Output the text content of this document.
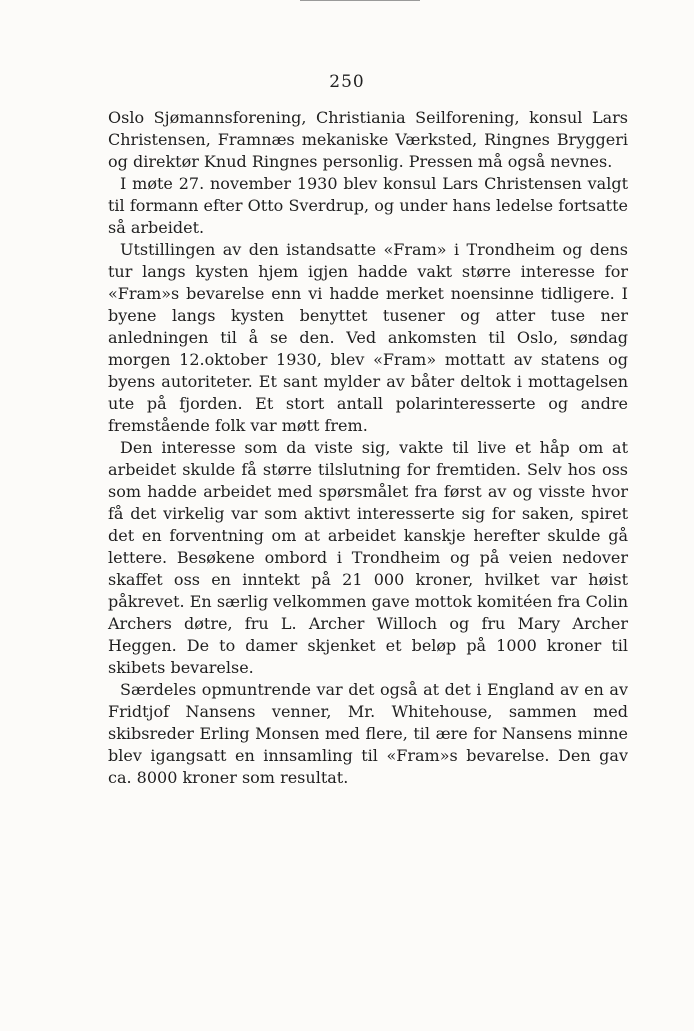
250

Oslo Sjømannsforening, Christiania Seilforening, konsul Lars Christensen, Framnæs mekaniske Værksted, Ringnes Bryggeri og direktør Knud Ringnes personlig. Pressen må også nevnes.

I møte 27. november 1930 blev konsul Lars Christensen valgt til formann efter Otto Sverdrup, og under hans ledelse fortsatte så arbeidet.

Utstillingen av den istandsatte «Fram» i Trondheim og dens tur langs kysten hjem igjen hadde vakt større interesse for «Fram»s bevarelse enn vi hadde merket noensinne tidligere. I byene langs kysten benyttet tusener og atter tuse ner anledningen til å se den. Ved ankomsten til Oslo, søndag morgen 12.oktober 1930, blev «Fram» mottatt av statens og byens autoriteter. Et sant mylder av båter deltok i mottagelsen ute på fjorden. Et stort antall polarinteresserte og andre fremstående folk var møtt frem.

Den interesse som da viste sig, vakte til live et håp om at arbeidet skulde få større tilslutning for fremtiden. Selv hos oss som hadde arbeidet med spørsmålet fra først av og visste hvor få det virkelig var som aktivt interesserte sig for saken, spiret det en forventning om at arbeidet kanskje herefter skulde gå lettere. Besøkene ombord i Trondheim og på veien nedover skaffet oss en inntekt på 21 000 kroner, hvilket var høist påkrevet. En særlig velkommen gave mottok komitéen fra Colin Archers døtre, fru L. Archer Willoch og fru Mary Archer Heggen. De to damer skjenket et beløp på 1000 kroner til skibets bevarelse.

Særdeles opmuntrende var det også at det i England av en av Fridtjof Nansens venner, Mr. Whitehouse, sammen med skibsreder Erling Monsen med flere, til ære for Nansens minne blev igangsatt en innsamling til «Fram»s bevarelse. Den gav ca. 8000 kroner som resultat.
